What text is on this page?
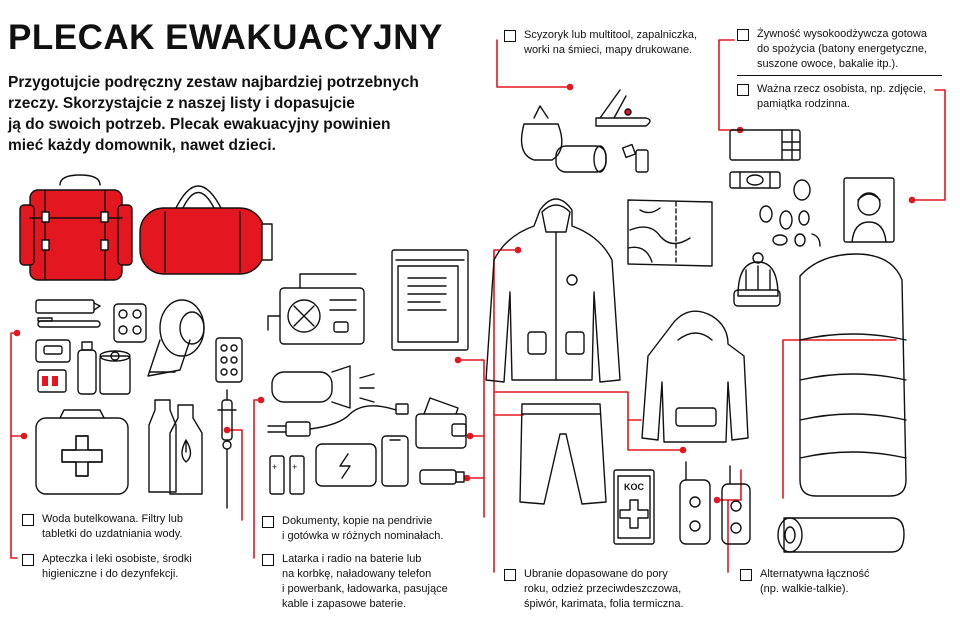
PLECAK EWAKUACYJNY
Przygotujcie podręczny zestaw najbardziej potrzebnych
rzeczy. Skorzystajcie z naszej listy i dopasujcie
ją do swoich potrzeb. Plecak ewakuacyjny powinien
mieć każdy domownik, nawet dzieci.
+ +
KOC
Woda butelkowana. Filtry lub
tabletki do uzdatniania wody.
Apteczka i leki osobiste, środki
higieniczne i do dezynfekcji.
Dokumenty, kopie na pendrivie
i gotówka w różnych nominałach.
Latarka i radio na baterie lub
na korbkę, naładowany telefon
i powerbank, ładowarka, pasujące
kable i zapasowe baterie.
Scyzoryk lub multitool, zapalniczka,
worki na śmieci, mapy drukowane.
Ubranie dopasowane do pory
roku, odzież przeciwdeszczowa,
śpiwór, karimata, folia termiczna.
Alternatywna łączność
(np. walkie-talkie).
Żywność wysokoodżywcza gotowa
do spożycia (batony energetyczne,
suszone owoce, bakalie itp.).
Ważna rzecz osobista, np. zdjęcie,
pamiątka rodzinna.
